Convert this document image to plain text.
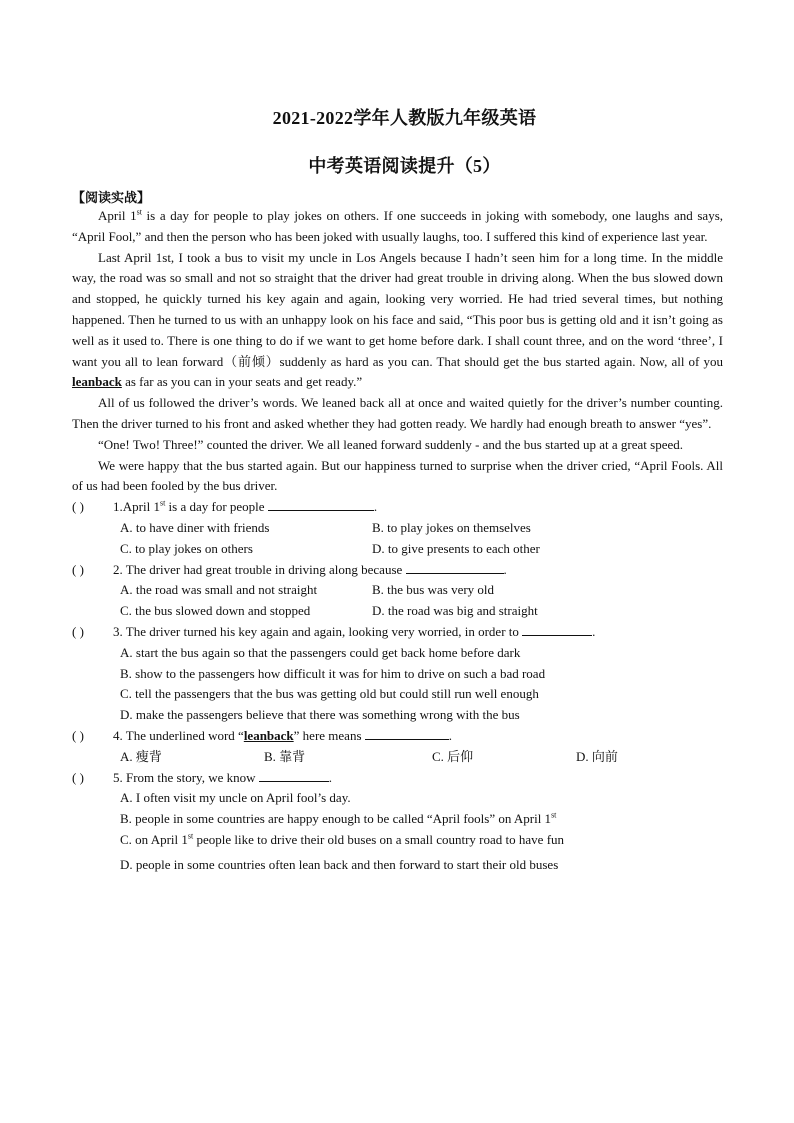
2021-2022学年人教版九年级英语
中考英语阅读提升（5）
【阅读实战】

April 1st is a day for people to play jokes on others. If one succeeds in joking with somebody, one laughs and says, “April Fool,” and then the person who has been joked with usually laughs, too. I suffered this kind of experience last year.

Last April 1st, I took a bus to visit my uncle in Los Angels because I hadn’t seen him for a long time. In the middle way, the road was so small and not so straight that the driver had great trouble in driving along. When the bus slowed down and stopped, he quickly turned his key again and again, looking very worried. He had tried several times, but nothing happened. Then he turned to us with an unhappy look on his face and said, “This poor bus is getting old and it isn’t going as well as it used to. There is one thing to do if we want to get home before dark. I shall count three, and on the word ‘three’, I want you all to lean forward（前倾）suddenly as hard as you can. That should get the bus started again. Now, all of you leanback as far as you can in your seats and get ready.”

All of us followed the driver’s words. We leaned back all at once and waited quietly for the driver’s number counting. Then the driver turned to his front and asked whether they had gotten ready. We hardly had enough breath to answer “yes”.

“One! Two! Three!” counted the driver. We all leaned forward suddenly - and the bus started up at a great speed.

We were happy that the bus started again. But our happiness turned to surprise when the driver cried, “April Fools. All of us had been fooled by the bus driver.

( ) 1.April 1st is a day for people	.
A. to have diner with friends	B. to play jokes on themselves
C. to play jokes on others	D. to give presents to each other
( ) 2. The driver had great trouble in driving along because	.
A. the road was small and not straight	B. the bus was very old
C. the bus slowed down and stopped	D. the road was big and straight
( ) 3. The driver turned his key again and again, looking very worried, in order to	.
A. start the bus again so that the passengers could get back home before dark
B. show to the passengers how difficult it was for him to drive on such a bad road
C. tell the passengers that the bus was getting old but could still run well enough
D. make the passengers believe that there was something wrong with the bus
( ) 4. The underlined word “leanback” here means	.
A. 瘦背	B. 靠背	C. 后仰	D. 向前
( ) 5. From the story, we know	.
A. I often visit my uncle on April fool’s day.
B. people in some countries are happy enough to be called “April fools” on April 1st
C. on April 1st people like to drive their old buses on a small country road to have fun
D. people in some countries often lean back and then forward to start their old buses
